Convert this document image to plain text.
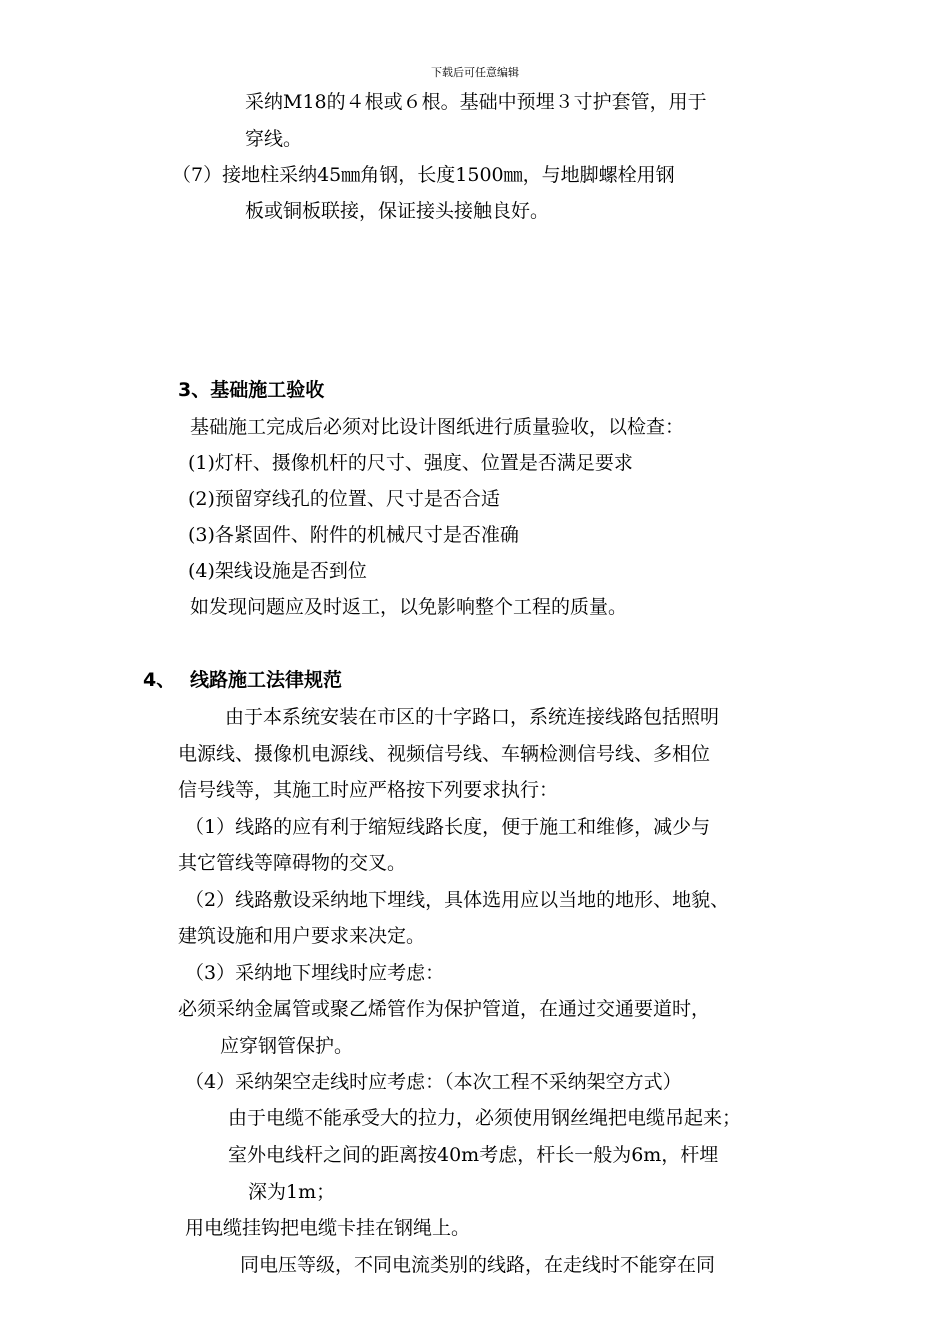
下载后可任意编辑
采纳M18的４根或６根。基础中预埋３寸护套管，用于
穿线。
（7）接地柱采纳45㎜角钢，长度1500㎜，与地脚螺栓用钢
板或铜板联接，保证接头接触良好。
3、基础施工验收
基础施工完成后必须对比设计图纸进行质量验收，以检查：
(1)灯杆、摄像机杆的尺寸、强度、位置是否满足要求
(2)预留穿线孔的位置、尺寸是否合适
(3)各紧固件、附件的机械尺寸是否准确
(4)架线设施是否到位
如发现问题应及时返工，以免影响整个工程的质量。
4、 线路施工法律规范
由于本系统安装在市区的十字路口，系统连接线路包括照明
电源线、摄像机电源线、视频信号线、车辆检测信号线、多相位
信号线等，其施工时应严格按下列要求执行：
（1）线路的应有利于缩短线路长度，便于施工和维修，减少与
其它管线等障碍物的交叉。
（2）线路敷设采纳地下埋线，具体选用应以当地的地形、地貌、
建筑设施和用户要求来决定。
（3）采纳地下埋线时应考虑：
必须采纳金属管或聚乙烯管作为保护管道，在通过交通要道时，
应穿钢管保护。
（4）采纳架空走线时应考虑：（本次工程不采纳架空方式）
由于电缆不能承受大的拉力，必须使用钢丝绳把电缆吊起来；
室外电线杆之间的距离按40m考虑，杆长一般为6m，杆埋
深为1m；
用电缆挂钩把电缆卡挂在钢绳上。
同电压等级，不同电流类别的线路，在走线时不能穿在同
